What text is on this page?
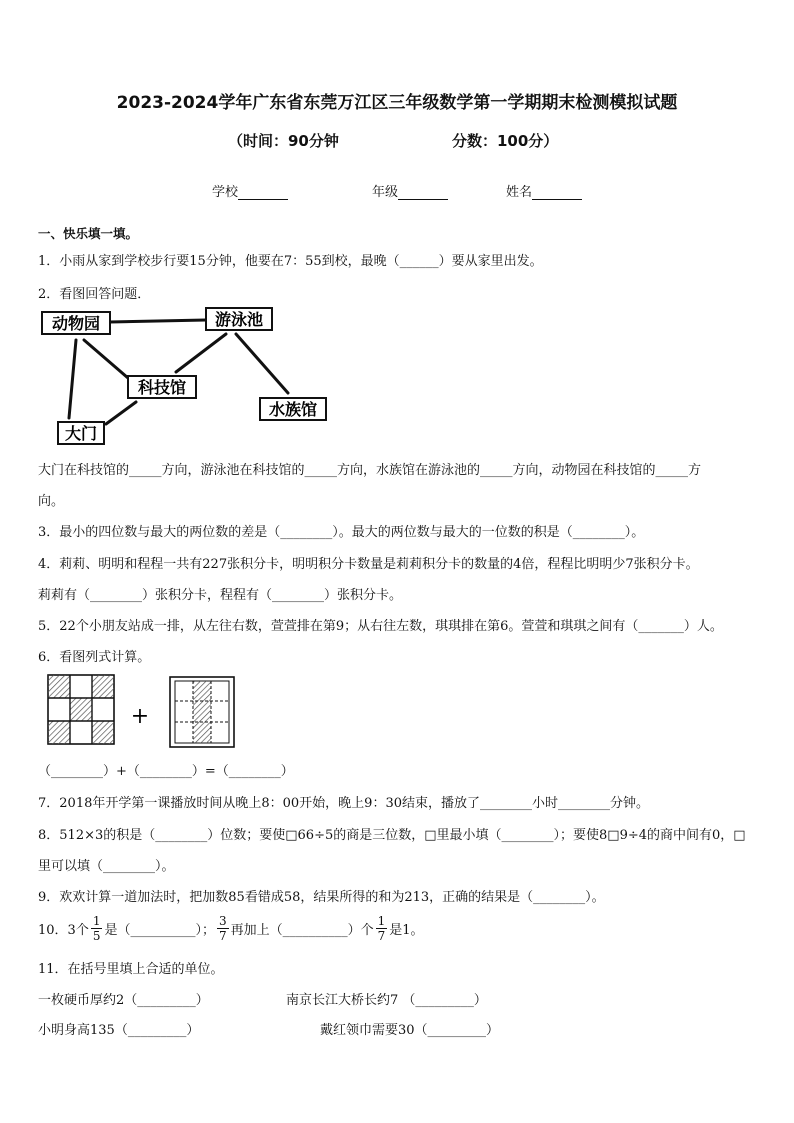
2023-2024学年广东省东莞万江区三年级数学第一学期期末检测模拟试题
（时间：90分钟	分数：100分）
学校	年级	姓名
一、快乐填一填。
1．小雨从家到学校步行要15分钟，他要在7：55到校，最晚（______）要从家里出发。
2．看图回答问题．
动物园	游泳池
科技馆
水族馆
大门
大门在科技馆的_____方向，游泳池在科技馆的_____方向，水族馆在游泳池的_____方向，动物园在科技馆的_____方
向。
3．最小的四位数与最大的两位数的差是（________）。最大的两位数与最大的一位数的积是（________）。
4．莉莉、明明和程程一共有227张积分卡，明明积分卡数量是莉莉积分卡的数量的4倍，程程比明明少7张积分卡。
莉莉有（________）张积分卡，程程有（________）张积分卡。
5．22个小朋友站成一排，从左往右数，萱萱排在第9；从右往左数，琪琪排在第6。萱萱和琪琪之间有（_______）人。
6．看图列式计算。
+
（________）+（________）=（________）
7．2018年开学第一课播放时间从晚上8：00开始，晚上9：30结束，播放了________小时________分钟。
8．512×3的积是（________）位数；要使□66÷5的商是三位数，□里最小填（________）；要使8□9÷4的商中间有0，□
里可以填（________）。
9．欢欢计算一道加法时，把加数85看错成58，结果所得的和为213，正确的结果是（________）。
10．3个 $\frac{1}{5}$ 是（__________）； $\frac{3}{7}$ 再加上（__________）个 $\frac{1}{7}$ 是1。
11．在括号里填上合适的单位。
一枚硬币厚约2（_________）	南京长江大桥长约7 （_________）
小明身高135（_________）	戴红领巾需要30（_________）
